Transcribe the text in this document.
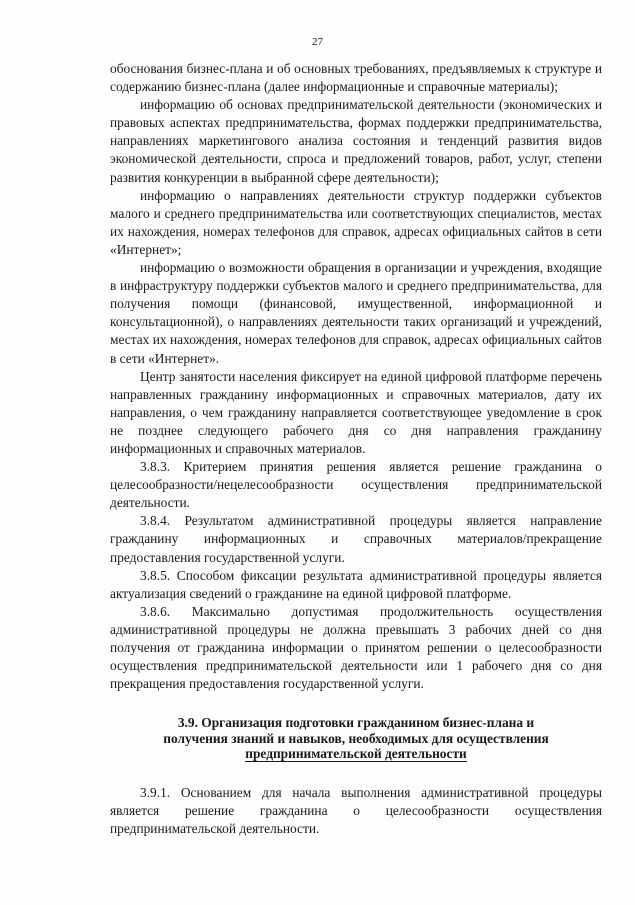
27

обоснования бизнес-плана и об основных требованиях, предъявляемых к структуре и содержанию бизнес-плана (далее информационные и справочные материалы);

информацию об основах предпринимательской деятельности (экономических и правовых аспектах предпринимательства, формах поддержки предпринимательства, направлениях маркетингового анализа состояния и тенденций развития видов экономической деятельности, спроса и предложений товаров, работ, услуг, степени развития конкуренции в выбранной сфере деятельности);

информацию о направлениях деятельности структур поддержки субъектов малого и среднего предпринимательства или соответствующих специалистов, местах их нахождения, номерах телефонов для справок, адресах официальных сайтов в сети «Интернет»;

информацию о возможности обращения в организации и учреждения, входящие в инфраструктуру поддержки субъектов малого и среднего предпринимательства, для получения помощи (финансовой, имущественной, информационной и консультационной), о направлениях деятельности таких организаций и учреждений, местах их нахождения, номерах телефонов для справок, адресах официальных сайтов в сети «Интернет».

Центр занятости населения фиксирует на единой цифровой платформе перечень направленных гражданину информационных и справочных материалов, дату их направления, о чем гражданину направляется соответствующее уведомление в срок не позднее следующего рабочего дня со дня направления гражданину информационных и справочных материалов.

3.8.3. Критерием принятия решения является решение гражданина о целесообразности/нецелесообразности осуществления предпринимательской деятельности.

3.8.4. Результатом административной процедуры является направление гражданину информационных и справочных материалов/прекращение предоставления государственной услуги.

3.8.5. Способом фиксации результата административной процедуры является актуализация сведений о гражданине на единой цифровой платформе.

3.8.6. Максимально допустимая продолжительность осуществления административной процедуры не должна превышать 3 рабочих дней со дня получения от гражданина информации о принятом решении о целесообразности осуществления предпринимательской деятельности или 1 рабочего дня со дня прекращения предоставления государственной услуги.

3.9. Организация подготовки гражданином бизнес-плана и
получения знаний и навыков, необходимых для осуществления
предпринимательской деятельности

3.9.1. Основанием для начала выполнения административной процедуры является решение гражданина о целесообразности осуществления предпринимательской деятельности.
